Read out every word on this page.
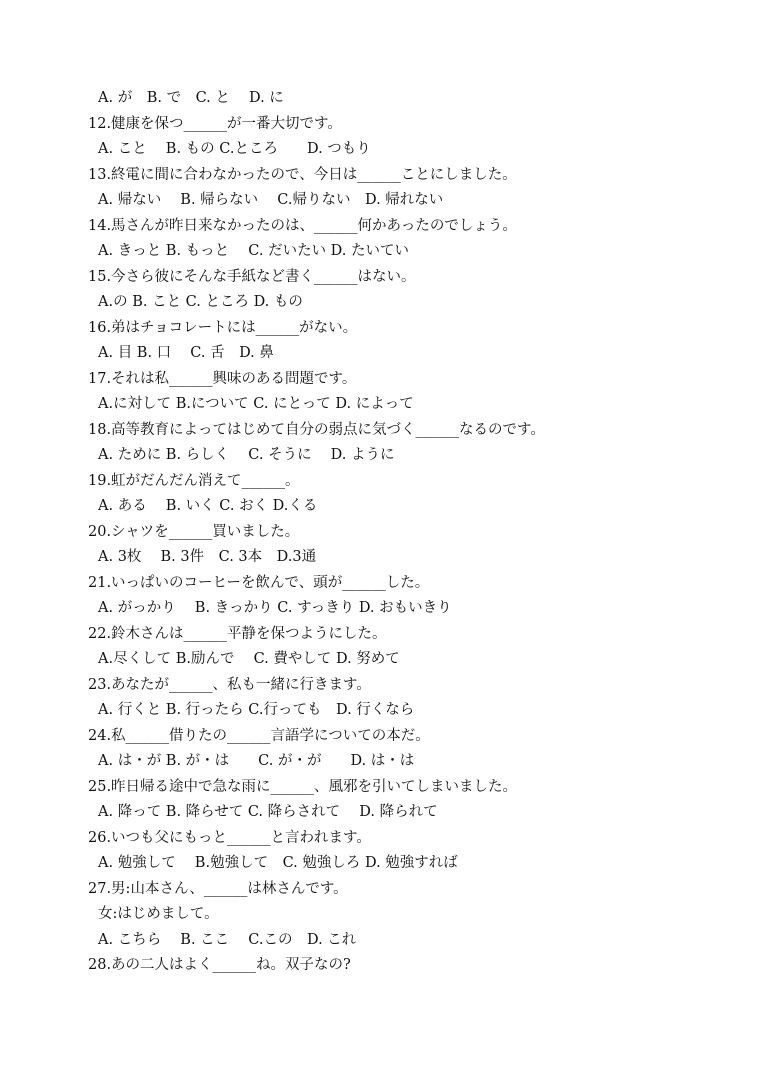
A. が　B. で　C. と　 D. に
12.健康を保つ______が一番大切です。
A. こと　 B. もの C.ところ　　D. つもり
13.終電に間に合わなかったので、今日は______ことにしました。
A. 帰ない　 B. 帰らない　 C.帰りない　D. 帰れない
14.馬さんが昨日来なかったのは、______何かあったのでしょう。
A. きっと B. もっと　 C. だいたい D. たいてい
15.今さら彼にそんな手紙など書く______はない。
A.の B. こと C. ところ D. もの
16.弟はチョコレートには______がない。
A. 目 B. 口　 C. 舌　D. 鼻
17.それは私______興味のある問題です。
A.に対して B.について C. にとって D. によって
18.高等教育によってはじめて自分の弱点に気づく______なるのです。
A. ために B. らしく　 C. そうに　 D. ように
19.虹がだんだん消えて______。
A. ある　 B. いく C. おく D.くる
20.シャツを______買いました。
A. 3枚　 B. 3件　C. 3本　D.3通
21.いっぱいのコーヒーを飲んで、頭が______した。
A. がっかり　 B. きっかり C. すっきり D. おもいきり
22.鈴木さんは______平静を保つようにした。
A.尽くして B.励んで　 C. 費やして D. 努めて
23.あなたが______、私も一緒に行きます。
A. 行くと B. 行ったら C.行っても　D. 行くなら
24.私______借りたの______言語学についての本だ。
A. は・が B. が・は　　C. が・が　　D. は・は
25.昨日帰る途中で急な雨に______、風邪を引いてしまいました。
A. 降って B. 降らせて C. 降らされて　 D. 降られて
26.いつも父にもっと______と言われます。
A. 勉強して　 B.勉強して　C. 勉強しろ D. 勉強すれば
27.男:山本さん、______は林さんです。
女:はじめまして。
A. こちら　 B. ここ　 C.この　D. これ
28.あの二人はよく______ね。双子なの?
